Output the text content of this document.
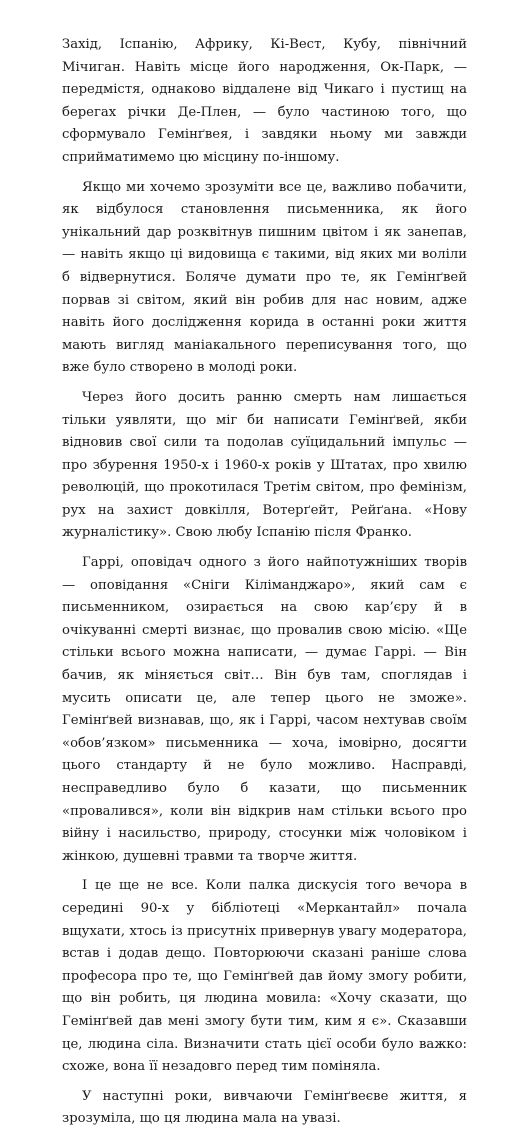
Захід, Іспанію, Африку, Кі-Вест, Кубу, північний Мічиган. Навіть місце його народження, Ок-Парк, — передмістя, однаково віддалене від Чикаго і пустищ на берегах річки Де-Плен, — було частиною того, що сформувало Гемінґвея, і завдяки ньому ми завжди сприйматимемо цю місцину по-іншому.

Якщо ми хочемо зрозуміти все це, важливо побачити, як відбулося становлення письменника, як його унікальний дар розквітнув пишним цвітом і як занепав, — навіть якщо ці видовища є такими, від яких ми воліли б відвернутися. Боляче думати про те, як Гемінґвей порвав зі світом, який він робив для нас новим, адже навіть його дослідження корида в останні роки життя мають вигляд маніакального переписування того, що вже було створено в молоді роки.

Через його досить ранню смерть нам лишається тільки уявляти, що міг би написати Гемінґвей, якби відновив свої сили та подолав суїцидальний імпульс — про збурення 1950-х і 1960-х років у Штатах, про хвилю революцій, що прокотилася Третім світом, про фемінізм, рух на захист довкілля, Вотерґейт, Рейґана. «Нову журналістику». Свою любу Іспанію після Франко.

Гаррі, оповідач одного з його найпотужніших творів — оповідання «Сніги Кіліманджаро», який сам є письменником, озирається на свою кар’єру й в очікуванні смерті визнає, що провалив свою місію. «Ще стільки всього можна написати, — думає Гаррі. — Він бачив, як міняється світ… Він був там, споглядав і мусить описати це, але тепер цього не зможе». Гемінґвей визнавав, що, як і Гаррі, часом нехтував своїм «обов’язком» письменника — хоча, імовірно, досягти цього стандарту й не було можливо. Насправді, несправедливо було б казати, що письменник «провалився», коли він відкрив нам стільки всього про війну і насильство, природу, стосунки між чоловіком і жінкою, душевні травми та творче життя.

І це ще не все. Коли палка дискусія того вечора в середині 90-х у бібліотеці «Меркантайл» почала вщухати, хтось із присутніх привернув увагу модератора, встав і додав дещо. Повторюючи сказані раніше слова професора про те, що Гемінґвей дав йому змогу робити, що він робить, ця людина мовила: «Хочу сказати, що Гемінґвей дав мені змогу бути тим, ким я є». Сказавши це, людина сіла. Визначити стать цієї особи було важко: схоже, вона її незадовго перед тим поміняла.

У наступні роки, вивчаючи Гемінґвеєве життя, я зрозуміла, що ця людина мала на увазі.
